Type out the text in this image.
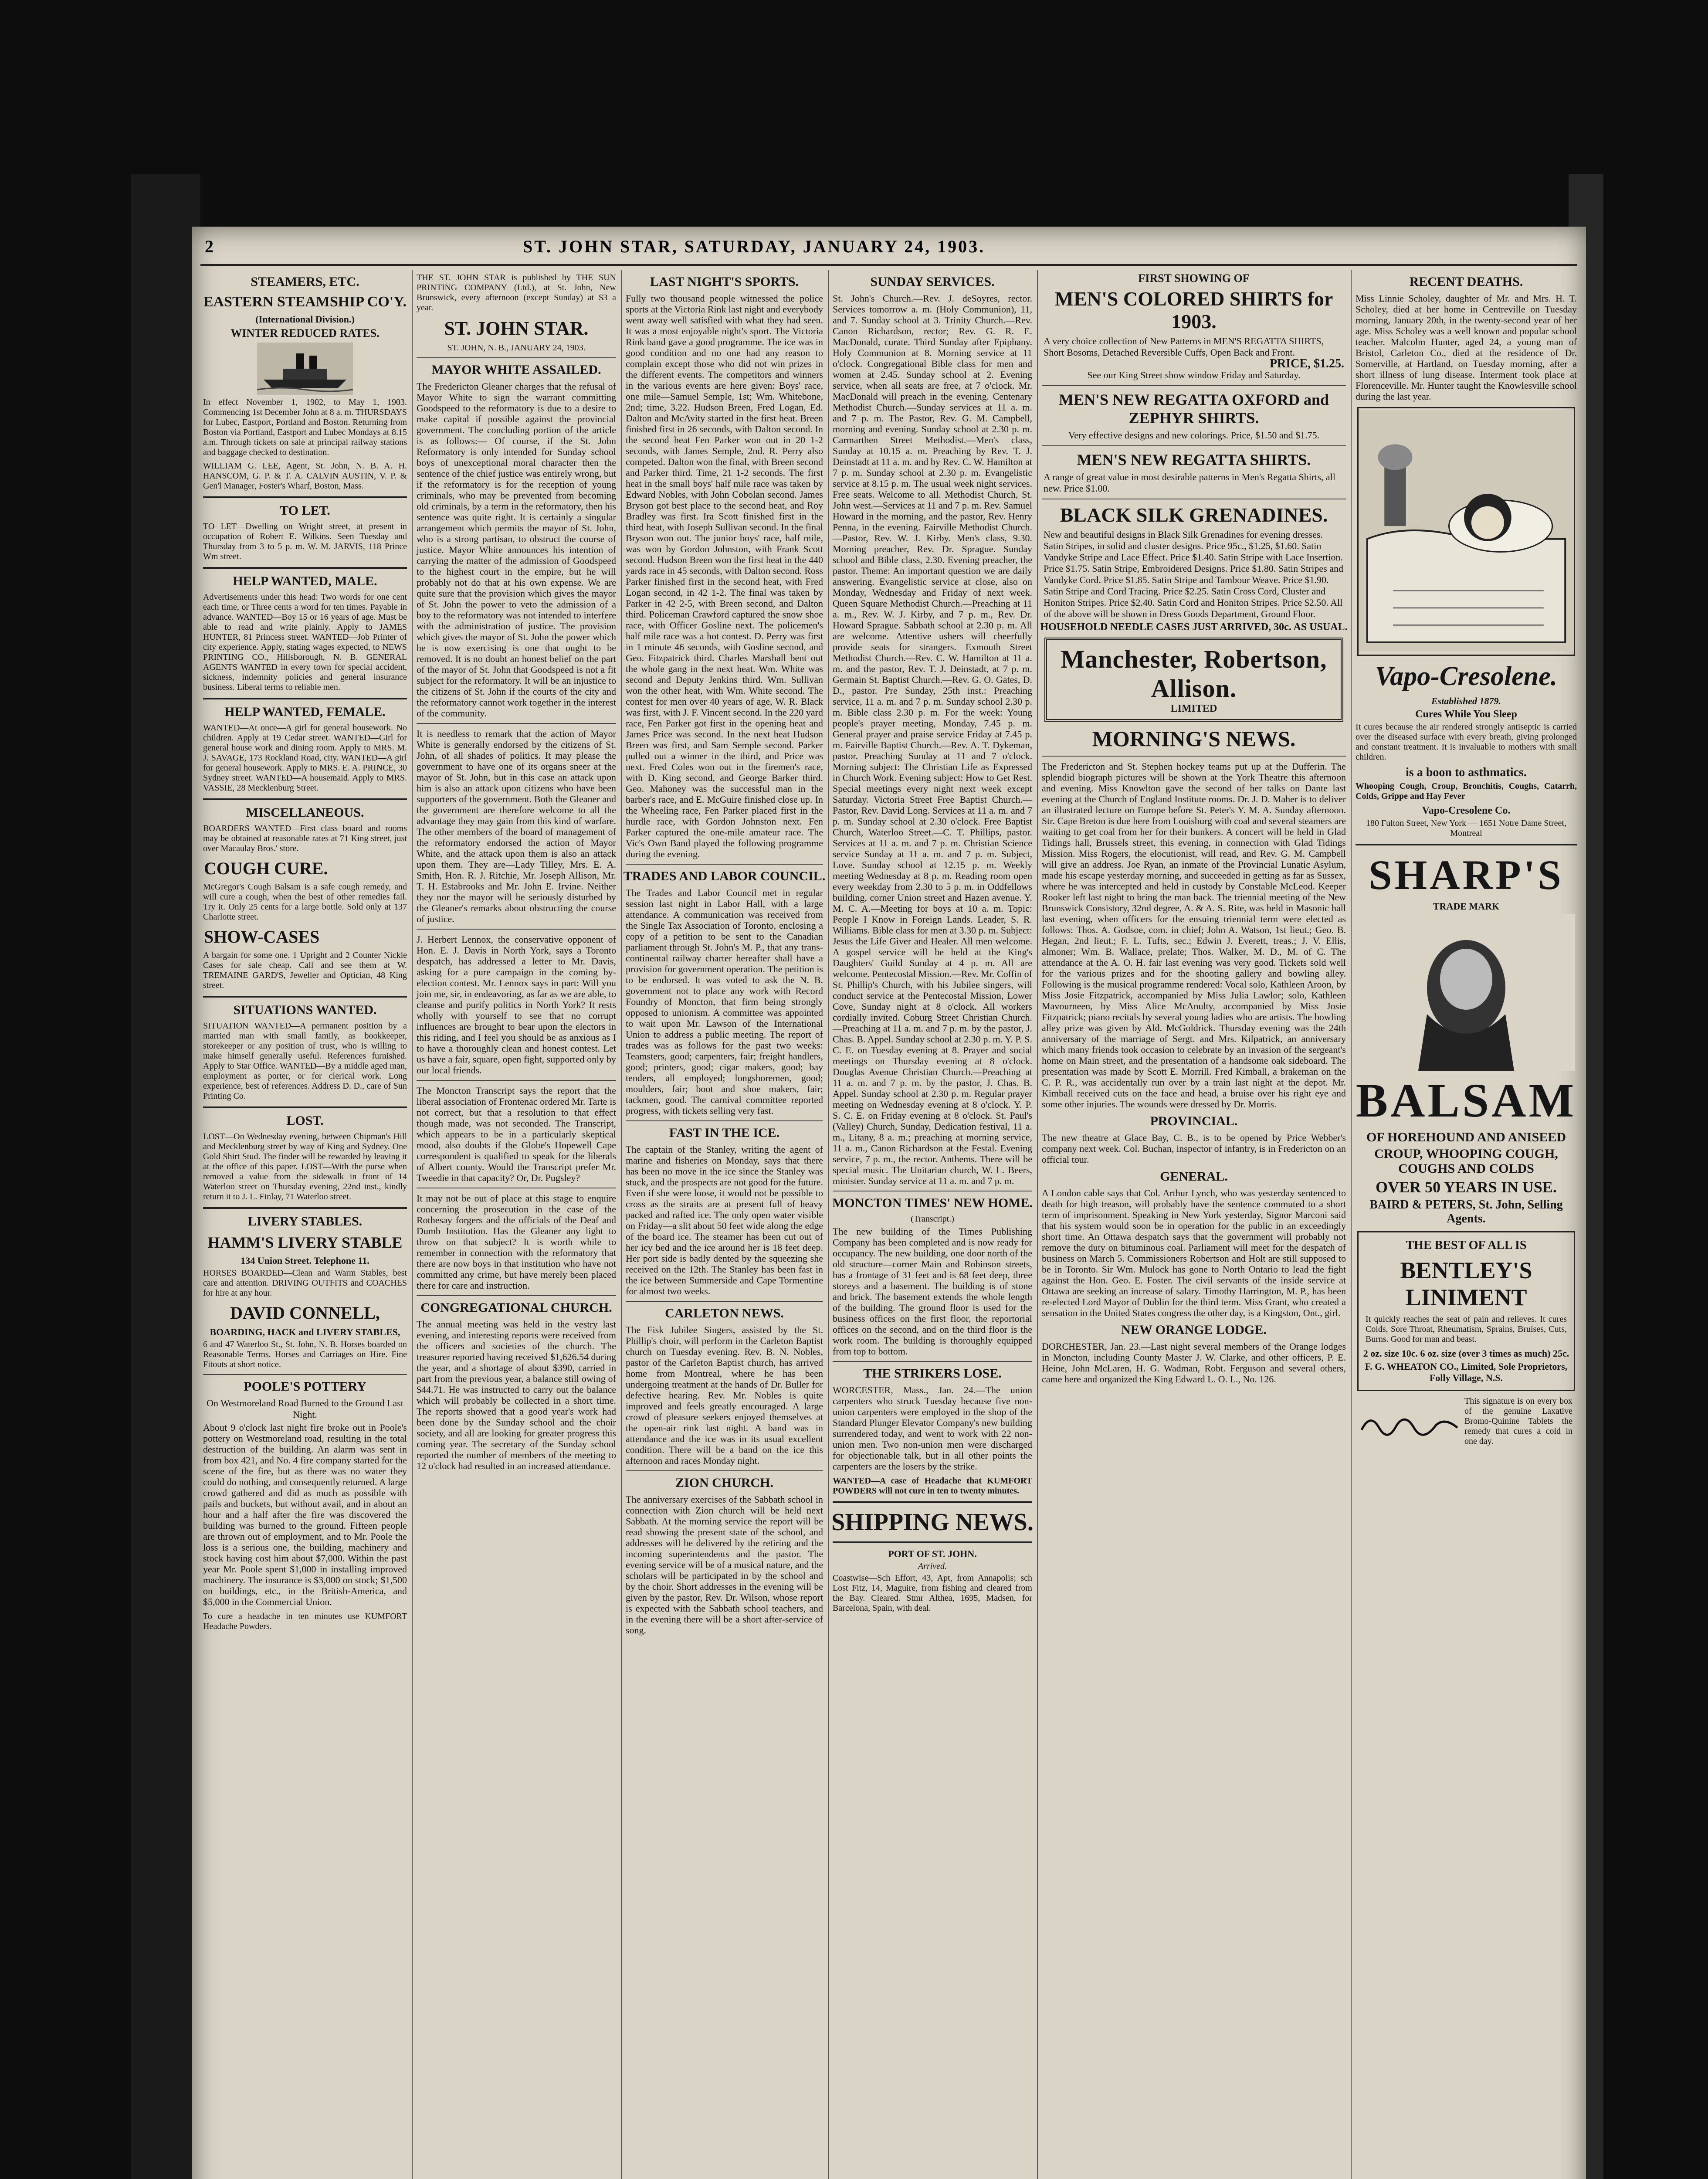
2	ST. JOHN STAR, SATURDAY, JANUARY 24, 1903.
STEAMERS, ETC.
EASTERN STEAMSHIP CO'Y.
(International Division.)
WINTER REDUCED RATES.
In effect November 1, 1902, to May 1, 1903. Commencing 1st December John at 8 a. m. THURSDAYS for Lubec, Eastport, Portland and Boston. Returning from Boston via Portland, Eastport and Lubec Mondays at 8.15 a.m. Through tickets on sale at principal railway stations and baggage checked to destination.
WILLIAM G. LEE, Agent, St. John, N. B. A. H. HANSCOM, G. P. & T. A. CALVIN AUSTIN, V. P. & Gen'l Manager, Foster's Wharf, Boston, Mass.
TO LET.
TO LET—Dwelling on Wright street, at present in occupation of Robert E. Wilkins. Seen Tuesday and Thursday from 3 to 5 p. m. W. M. JARVIS, 118 Prince Wm street.
HELP WANTED, MALE.
Advertisements under this head: Two words for one cent each time, or Three cents a word for ten times. Payable in advance. WANTED—Boy 15 or 16 years of age. Must be able to read and write plainly. Apply to JAMES HUNTER, 81 Princess street. WANTED—Job Printer of city experience. Apply, stating wages expected, to NEWS PRINTING CO., Hillsborough, N. B. GENERAL AGENTS WANTED in every town for special accident, sickness, indemnity policies and general insurance business. Liberal terms to reliable men.
HELP WANTED, FEMALE.
WANTED—At once—A girl for general housework. No children. Apply at 19 Cedar street. WANTED—Girl for general house work and dining room. Apply to MRS. M. J. SAVAGE, 173 Rockland Road, city. WANTED—A girl for general housework. Apply to MRS. E. A. PRINCE, 30 Sydney street. WANTED—A housemaid. Apply to MRS. VASSIE, 28 Mecklenburg Street.
MISCELLANEOUS.
BOARDERS WANTED—First class board and rooms may be obtained at reasonable rates at 71 King street, just over Macaulay Bros.' store.
COUGH CURE.
McGregor's Cough Balsam is a safe cough remedy, and will cure a cough, when the best of other remedies fail. Try it. Only 25 cents for a large bottle. Sold only at 137 Charlotte street.
SHOW-CASES
A bargain for some one. 1 Upright and 2 Counter Nickle Cases for sale cheap. Call and see them at W. TREMAINE GARD'S, Jeweller and Optician, 48 King street.
SITUATIONS WANTED.
SITUATION WANTED—A permanent position by a married man with small family, as bookkeeper, storekeeper or any position of trust, who is willing to make himself generally useful. References furnished. Apply to Star Office. WANTED—By a middle aged man, employment as porter, or for clerical work. Long experience, best of references. Address D. D., care of Sun Printing Co.
LOST.
LOST—On Wednesday evening, between Chipman's Hill and Mecklenburg street by way of King and Sydney. One Gold Shirt Stud. The finder will be rewarded by leaving it at the office of this paper. LOST—With the purse when removed a value from the sidewalk in front of 14 Waterloo street on Thursday evening, 22nd inst., kindly return it to J. L. Finlay, 71 Waterloo street.
LIVERY STABLES.
HAMM'S LIVERY STABLE
134 Union Street. Telephone 11.
HORSES BOARDED—Clean and Warm Stables, best care and attention. DRIVING OUTFITS and COACHES for hire at any hour.
DAVID CONNELL,
BOARDING, HACK and LIVERY STABLES,
6 and 47 Waterloo St., St. John, N. B. Horses boarded on Reasonable Terms. Horses and Carriages on Hire. Fine Fitouts at short notice.
POOLE'S POTTERY
On Westmoreland Road Burned to the Ground Last Night.
About 9 o'clock last night fire broke out in Poole's pottery on Westmoreland road, resulting in the total destruction of the building. An alarm was sent in from box 421, and No. 4 fire company started for the scene of the fire, but as there was no water they could do nothing, and consequently returned. A large crowd gathered and did as much as possible with pails and buckets, but without avail, and in about an hour and a half after the fire was discovered the building was burned to the ground. Fifteen people are thrown out of employment, and to Mr. Poole the loss is a serious one, the building, machinery and stock having cost him about $7,000. Within the past year Mr. Poole spent $1,000 in installing improved machinery. The insurance is $3,000 on stock; $1,500 on buildings, etc., in the British-America, and $5,000 in the Commercial Union.
To cure a headache in ten minutes use KUMFORT Headache Powders.
THE ST. JOHN STAR is published by THE SUN PRINTING COMPANY (Ltd.), at St. John, New Brunswick, every afternoon (except Sunday) at $3 a year.
ST. JOHN STAR.
ST. JOHN, N. B., JANUARY 24, 1903.
MAYOR WHITE ASSAILED.
The Fredericton Gleaner charges that the refusal of Mayor White to sign the warrant committing Goodspeed to the reformatory is due to a desire to make capital if possible against the provincial government. The concluding portion of the article is as follows:— Of course, if the St. John Reformatory is only intended for Sunday school boys of unexceptional moral character then the sentence of the chief justice was entirely wrong, but if the reformatory is for the reception of young criminals, who may be prevented from becoming old criminals, by a term in the reformatory, then his sentence was quite right. It is certainly a singular arrangement which permits the mayor of St. John, who is a strong partisan, to obstruct the course of justice. Mayor White announces his intention of carrying the matter of the admission of Goodspeed to the highest court in the empire, but he will probably not do that at his own expense. We are quite sure that the provision which gives the mayor of St. John the power to veto the admission of a boy to the reformatory was not intended to interfere with the administration of justice. The provision which gives the mayor of St. John the power which he is now exercising is one that ought to be removed. It is no doubt an honest belief on the part of the mayor of St. John that Goodspeed is not a fit subject for the reformatory. It will be an injustice to the citizens of St. John if the courts of the city and the reformatory cannot work together in the interest of the community.
It is needless to remark that the action of Mayor White is generally endorsed by the citizens of St. John, of all shades of politics. It may please the government to have one of its organs sneer at the mayor of St. John, but in this case an attack upon him is also an attack upon citizens who have been supporters of the government. Both the Gleaner and the government are therefore welcome to all the advantage they may gain from this kind of warfare. The other members of the board of management of the reformatory endorsed the action of Mayor White, and the attack upon them is also an attack upon them. They are—Lady Tilley, Mrs. E. A. Smith, Hon. R. J. Ritchie, Mr. Joseph Allison, Mr. T. H. Estabrooks and Mr. John E. Irvine. Neither they nor the mayor will be seriously disturbed by the Gleaner's remarks about obstructing the course of justice.
J. Herbert Lennox, the conservative opponent of Hon. E. J. Davis in North York, says a Toronto despatch, has addressed a letter to Mr. Davis, asking for a pure campaign in the coming by-election contest. Mr. Lennox says in part: Will you join me, sir, in endeavoring, as far as we are able, to cleanse and purify politics in North York? It rests wholly with yourself to see that no corrupt influences are brought to bear upon the electors in this riding, and I feel you should be as anxious as I to have a thoroughly clean and honest contest. Let us have a fair, square, open fight, supported only by our local friends.
The Moncton Transcript says the report that the liberal association of Frontenac ordered Mr. Tarte is not correct, but that a resolution to that effect though made, was not seconded. The Transcript, which appears to be in a particularly skeptical mood, also doubts if the Globe's Hopewell Cape correspondent is qualified to speak for the liberals of Albert county. Would the Transcript prefer Mr. Tweedie in that capacity? Or, Dr. Pugsley?
It may not be out of place at this stage to enquire concerning the prosecution in the case of the Rothesay forgers and the officials of the Deaf and Dumb Institution. Has the Gleaner any light to throw on that subject? It is worth while to remember in connection with the reformatory that there are now boys in that institution who have not committed any crime, but have merely been placed there for care and instruction.
CONGREGATIONAL CHURCH.
The annual meeting was held in the vestry last evening, and interesting reports were received from the officers and societies of the church. The treasurer reported having received $1,626.54 during the year, and a shortage of about $390, carried in part from the previous year, a balance still owing of $44.71. He was instructed to carry out the balance which will probably be collected in a short time. The reports showed that a good year's work had been done by the Sunday school and the choir society, and all are looking for greater progress this coming year. The secretary of the Sunday school reported the number of members of the meeting to 12 o'clock had resulted in an increased attendance.
LAST NIGHT'S SPORTS.
Fully two thousand people witnessed the police sports at the Victoria Rink last night and everybody went away well satisfied with what they had seen. It was a most enjoyable night's sport. The Victoria Rink band gave a good programme. The ice was in good condition and no one had any reason to complain except those who did not win prizes in the different events. The competitors and winners in the various events are here given: Boys' race, one mile—Samuel Semple, 1st; Wm. Whitebone, 2nd; time, 3.22. Hudson Breen, Fred Logan, Ed. Dalton and McAvity started in the first heat. Breen finished first in 26 seconds, with Dalton second. In the second heat Fen Parker won out in 20 1-2 seconds, with James Semple, 2nd. R. Perry also competed. Dalton won the final, with Breen second and Parker third. Time, 21 1-2 seconds. The first heat in the small boys' half mile race was taken by Edward Nobles, with John Cobolan second. James Bryson got best place to the second heat, and Roy Bradley was first. Ira Scott finished first in the third heat, with Joseph Sullivan second. In the final Bryson won out. The junior boys' race, half mile, was won by Gordon Johnston, with Frank Scott second. Hudson Breen won the first heat in the 440 yards race in 45 seconds, with Dalton second. Ross Parker finished first in the second heat, with Fred Logan second, in 42 1-2. The final was taken by Parker in 42 2-5, with Breen second, and Dalton third. Policeman Crawford captured the snow shoe race, with Officer Gosline next. The policemen's half mile race was a hot contest. D. Perry was first in 1 minute 46 seconds, with Gosline second, and Geo. Fitzpatrick third. Charles Marshall bent out the whole gang in the next heat. Wm. White was second and Deputy Jenkins third. Wm. Sullivan won the other heat, with Wm. White second. The contest for men over 40 years of age, W. R. Black was first, with J. F. Vincent second. In the 220 yard race, Fen Parker got first in the opening heat and James Price was second. In the next heat Hudson Breen was first, and Sam Semple second. Parker pulled out a winner in the third, and Price was next. Fred Coles won out in the firemen's race, with D. King second, and George Barker third. Geo. Mahoney was the successful man in the barber's race, and E. McGuire finished close up. In the Wheeling race, Fen Parker placed first in the hurdle race, with Gordon Johnston next. Fen Parker captured the one-mile amateur race. The Vic's Own Band played the following programme during the evening.
TRADES AND LABOR COUNCIL.
The Trades and Labor Council met in regular session last night in Labor Hall, with a large attendance. A communication was received from the Single Tax Association of Toronto, enclosing a copy of a petition to be sent to the Canadian parliament through St. John's M. P., that any trans-continental railway charter hereafter shall have a provision for government operation. The petition is to be endorsed. It was voted to ask the N. B. government not to place any work with Record Foundry of Moncton, that firm being strongly opposed to unionism. A committee was appointed to wait upon Mr. Lawson of the International Union to address a public meeting. The report of trades was as follows for the past two weeks: Teamsters, good; carpenters, fair; freight handlers, good; printers, good; cigar makers, good; bay tenders, all employed; longshoremen, good; moulders, fair; boot and shoe makers, fair; tackmen, good. The carnival committee reported progress, with tickets selling very fast.
FAST IN THE ICE.
The captain of the Stanley, writing the agent of marine and fisheries on Monday, says that there has been no move in the ice since the Stanley was stuck, and the prospects are not good for the future. Even if she were loose, it would not be possible to cross as the straits are at present full of heavy packed and rafted ice. The only open water visible on Friday—a slit about 50 feet wide along the edge of the board ice. The steamer has been cut out of her icy bed and the ice around her is 18 feet deep. Her port side is badly dented by the squeezing she received on the 12th. The Stanley has been fast in the ice between Summerside and Cape Tormentine for almost two weeks.
CARLETON NEWS.
The Fisk Jubilee Singers, assisted by the St. Phillip's choir, will perform in the Carleton Baptist church on Tuesday evening. Rev. B. N. Nobles, pastor of the Carleton Baptist church, has arrived home from Montreal, where he has been undergoing treatment at the hands of Dr. Buller for defective hearing. Rev. Mr. Nobles is quite improved and feels greatly encouraged. A large crowd of pleasure seekers enjoyed themselves at the open-air rink last night. A band was in attendance and the ice was in its usual excellent condition. There will be a band on the ice this afternoon and races Monday night.
ZION CHURCH.
The anniversary exercises of the Sabbath school in connection with Zion church will be held next Sabbath. At the morning service the report will be read showing the present state of the school, and addresses will be delivered by the retiring and the incoming superintendents and the pastor. The evening service will be of a musical nature, and the scholars will be participated in by the school and by the choir. Short addresses in the evening will be given by the pastor, Rev. Dr. Wilson, whose report is expected with the Sabbath school teachers, and in the evening there will be a short after-service of song.
SUNDAY SERVICES.
St. John's Church.—Rev. J. deSoyres, rector. Services tomorrow a. m. (Holy Communion), 11, and 7. Sunday school at 3. Trinity Church.—Rev. Canon Richardson, rector; Rev. G. R. E. MacDonald, curate. Third Sunday after Epiphany. Holy Communion at 8. Morning service at 11 o'clock. Congregational Bible class for men and women at 2.45. Sunday school at 2. Evening service, when all seats are free, at 7 o'clock. Mr. MacDonald will preach in the evening. Centenary Methodist Church.—Sunday services at 11 a. m. and 7 p. m. The Pastor, Rev. G. M. Campbell, morning and evening. Sunday school at 2.30 p. m. Carmarthen Street Methodist.—Men's class, Sunday at 10.15 a. m. Preaching by Rev. T. J. Deinstadt at 11 a. m. and by Rev. C. W. Hamilton at 7 p. m. Sunday school at 2.30 p. m. Evangelistic service at 8.15 p. m. The usual week night services. Free seats. Welcome to all. Methodist Church, St. John west.—Services at 11 and 7 p. m. Rev. Samuel Howard in the morning, and the pastor, Rev. Henry Penna, in the evening. Fairville Methodist Church.—Pastor, Rev. W. J. Kirby. Men's class, 9.30. Morning preacher, Rev. Dr. Sprague. Sunday school and Bible class, 2.30. Evening preacher, the pastor. Theme: An important question we are daily answering. Evangelistic service at close, also on Monday, Wednesday and Friday of next week. Queen Square Methodist Church.—Preaching at 11 a. m., Rev. W. J. Kirby, and 7 p. m., Rev. Dr. Howard Sprague. Sabbath school at 2.30 p. m. All are welcome. Attentive ushers will cheerfully provide seats for strangers. Exmouth Street Methodist Church.—Rev. C. W. Hamilton at 11 a. m. and the pastor, Rev. T. J. Deinstadt, at 7 p. m. Germain St. Baptist Church.—Rev. G. O. Gates, D. D., pastor. Pre Sunday, 25th inst.: Preaching service, 11 a. m. and 7 p. m. Sunday school 2.30 p. m. Bible class 2.30 p. m. For the week: Young people's prayer meeting, Monday, 7.45 p. m. General prayer and praise service Friday at 7.45 p. m. Fairville Baptist Church.—Rev. A. T. Dykeman, pastor. Preaching Sunday at 11 and 7 o'clock. Morning subject: The Christian Life as Expressed in Church Work. Evening subject: How to Get Rest. Special meetings every night next week except Saturday. Victoria Street Free Baptist Church.—Pastor, Rev. David Long. Services at 11 a. m. and 7 p. m. Sunday school at 2.30 o'clock. Free Baptist Church, Waterloo Street.—C. T. Phillips, pastor. Services at 11 a. m. and 7 p. m. Christian Science service Sunday at 11 a. m. and 7 p. m. Subject, Love. Sunday school at 12.15 p. m. Weekly meeting Wednesday at 8 p. m. Reading room open every weekday from 2.30 to 5 p. m. in Oddfellows building, corner Union street and Hazen avenue. Y. M. C. A.—Meeting for boys at 10 a. m. Topic: People I Know in Foreign Lands. Leader, S. R. Williams. Bible class for men at 3.30 p. m. Subject: Jesus the Life Giver and Healer. All men welcome. A gospel service will be held at the King's Daughters' Guild Sunday at 4 p. m. All are welcome. Pentecostal Mission.—Rev. Mr. Coffin of St. Phillip's Church, with his Jubilee singers, will conduct service at the Pentecostal Mission, Lower Cove, Sunday night at 8 o'clock. All workers cordially invited. Coburg Street Christian Church.—Preaching at 11 a. m. and 7 p. m. by the pastor, J. Chas. B. Appel. Sunday school at 2.30 p. m. Y. P. S. C. E. on Tuesday evening at 8. Prayer and social meetings on Thursday evening at 8 o'clock. Douglas Avenue Christian Church.—Preaching at 11 a. m. and 7 p. m. by the pastor, J. Chas. B. Appel. Sunday school at 2.30 p. m. Regular prayer meeting on Wednesday evening at 8 o'clock. Y. P. S. C. E. on Friday evening at 8 o'clock. St. Paul's (Valley) Church, Sunday, Dedication festival, 11 a. m., Litany, 8 a. m.; preaching at morning service, 11 a. m., Canon Richardson at the Festal. Evening service, 7 p. m., the rector. Anthems. There will be special music. The Unitarian church, W. L. Beers, minister. Sunday service at 11 a. m. and 7 p. m.
MONCTON TIMES' NEW HOME.
(Transcript.)
The new building of the Times Publishing Company has been completed and is now ready for occupancy. The new building, one door north of the old structure—corner Main and Robinson streets, has a frontage of 31 feet and is 68 feet deep, three storeys and a basement. The building is of stone and brick. The basement extends the whole length of the building. The ground floor is used for the business offices on the first floor, the reportorial offices on the second, and on the third floor is the work room. The building is thoroughly equipped from top to bottom.
THE STRIKERS LOSE.
WORCESTER, Mass., Jan. 24.—The union carpenters who struck Tuesday because five non-union carpenters were employed in the shop of the Standard Plunger Elevator Company's new building surrendered today, and went to work with 22 non-union men. Two non-union men were discharged for objectionable talk, but in all other points the carpenters are the losers by the strike.
WANTED—A case of Headache that KUMFORT POWDERS will not cure in ten to twenty minutes.
SHIPPING NEWS.
PORT OF ST. JOHN.
Arrived.
Coastwise—Sch Effort, 43, Apt, from Annapolis; sch Lost Fitz, 14, Maguire, from fishing and cleared from the Bay. Cleared. Stmr Althea, 1695, Madsen, for Barcelona, Spain, with deal.
FIRST SHOWING OF
MEN'S COLORED SHIRTS for 1903.
A very choice collection of New Patterns in MEN'S REGATTA SHIRTS, Short Bosoms, Detached Reversible Cuffs, Open Back and Front.
PRICE, $1.25.
See our King Street show window Friday and Saturday.
MEN'S NEW REGATTA OXFORD and ZEPHYR SHIRTS.
Very effective designs and new colorings. Price, $1.50 and $1.75.
MEN'S NEW REGATTA SHIRTS.
A range of great value in most desirable patterns in Men's Regatta Shirts, all new. Price $1.00.
BLACK SILK GRENADINES.
New and beautiful designs in Black Silk Grenadines for evening dresses. Satin Stripes, in solid and cluster designs. Price 95c., $1.25, $1.60. Satin Vandyke Stripe and Lace Effect. Price $1.40. Satin Stripe with Lace Insertion. Price $1.75. Satin Stripe, Embroidered Designs. Price $1.80. Satin Stripes and Vandyke Cord. Price $1.85. Satin Stripe and Tambour Weave. Price $1.90. Satin Stripe and Cord Tracing. Price $2.25. Satin Cross Cord, Cluster and Honiton Stripes. Price $2.40. Satin Cord and Honiton Stripes. Price $2.50. All of the above will be shown in Dress Goods Department, Ground Floor.
HOUSEHOLD NEEDLE CASES JUST ARRIVED, 30c. AS USUAL.
Manchester, Robertson, Allison.
LIMITED
MORNING'S NEWS.
The Fredericton and St. Stephen hockey teams put up at the Dufferin. The splendid biograph pictures will be shown at the York Theatre this afternoon and evening. Miss Knowlton gave the second of her talks on Dante last evening at the Church of England Institute rooms. Dr. J. D. Maher is to deliver an illustrated lecture on Europe before St. Peter's Y. M. A. Sunday afternoon. Str. Cape Breton is due here from Louisburg with coal and several steamers are waiting to get coal from her for their bunkers. A concert will be held in Glad Tidings hall, Brussels street, this evening, in connection with Glad Tidings Mission. Miss Rogers, the elocutionist, will read, and Rev. G. M. Campbell will give an address. Joe Ryan, an inmate of the Provincial Lunatic Asylum, made his escape yesterday morning, and succeeded in getting as far as Sussex, where he was intercepted and held in custody by Constable McLeod. Keeper Rooker left last night to bring the man back. The triennial meeting of the New Brunswick Consistory, 32nd degree, A. & A. S. Rite, was held in Masonic hall last evening, when officers for the ensuing triennial term were elected as follows: Thos. A. Godsoe, com. in chief; John A. Watson, 1st lieut.; Geo. B. Hegan, 2nd lieut.; F. L. Tufts, sec.; Edwin J. Everett, treas.; J. V. Ellis, almoner; Wm. B. Wallace, prelate; Thos. Walker, M. D., M. of C. The attendance at the A. O. H. fair last evening was very good. Tickets sold well for the various prizes and for the shooting gallery and bowling alley. Following is the musical programme rendered: Vocal solo, Kathleen Aroon, by Miss Josie Fitzpatrick, accompanied by Miss Julia Lawlor; solo, Kathleen Mavourneen, by Miss Alice McAnulty, accompanied by Miss Josie Fitzpatrick; piano recitals by several young ladies who are artists. The bowling alley prize was given by Ald. McGoldrick. Thursday evening was the 24th anniversary of the marriage of Sergt. and Mrs. Kilpatrick, an anniversary which many friends took occasion to celebrate by an invasion of the sergeant's home on Main street, and the presentation of a handsome oak sideboard. The presentation was made by Scott E. Morrill. Fred Kimball, a brakeman on the C. P. R., was accidentally run over by a train last night at the depot. Mr. Kimball received cuts on the face and head, a bruise over his right eye and some other injuries. The wounds were dressed by Dr. Morris.
PROVINCIAL.
The new theatre at Glace Bay, C. B., is to be opened by Price Webber's company next week. Col. Buchan, inspector of infantry, is in Fredericton on an official tour.
GENERAL.
A London cable says that Col. Arthur Lynch, who was yesterday sentenced to death for high treason, will probably have the sentence commuted to a short term of imprisonment. Speaking in New York yesterday, Signor Marconi said that his system would soon be in operation for the public in an exceedingly short time. An Ottawa despatch says that the government will probably not remove the duty on bituminous coal. Parliament will meet for the despatch of business on March 5. Commissioners Robertson and Holt are still supposed to be in Toronto. Sir Wm. Mulock has gone to North Ontario to lead the fight against the Hon. Geo. E. Foster. The civil servants of the inside service at Ottawa are seeking an increase of salary. Timothy Harrington, M. P., has been re-elected Lord Mayor of Dublin for the third term. Miss Grant, who created a sensation in the United States congress the other day, is a Kingston, Ont., girl.
NEW ORANGE LODGE.
DORCHESTER, Jan. 23.—Last night several members of the Orange lodges in Moncton, including County Master J. W. Clarke, and other officers, P. E. Heine, John McLaren, H. G. Wadman, Robt. Ferguson and several others, came here and organized the King Edward L. O. L., No. 126.
RECENT DEATHS.
Miss Linnie Scholey, daughter of Mr. and Mrs. H. T. Scholey, died at her home in Centreville on Tuesday morning, January 20th, in the twenty-second year of her age. Miss Scholey was a well known and popular school teacher. Malcolm Hunter, aged 24, a young man of Bristol, Carleton Co., died at the residence of Dr. Somerville, at Hartland, on Tuesday morning, after a short illness of lung disease. Interment took place at Florenceville. Mr. Hunter taught the Knowlesville school during the last year.
Vapo-Cresolene.
Established 1879.
Cures While You Sleep
It cures because the air rendered strongly antiseptic is carried over the diseased surface with every breath, giving prolonged and constant treatment. It is invaluable to mothers with small children.
is a boon to asthmatics.
Whooping Cough, Croup, Bronchitis, Coughs, Catarrh, Colds, Grippe and Hay Fever
Vapo-Cresolene Co.
180 Fulton Street, New York — 1651 Notre Dame Street, Montreal
SHARP'S
TRADE MARK
BALSAM
OF HOREHOUND AND ANISEED
CROUP, WHOOPING COUGH, COUGHS AND COLDS
OVER 50 YEARS IN USE.
BAIRD & PETERS, St. John, Selling Agents.
THE BEST OF ALL IS
BENTLEY'S LINIMENT
It quickly reaches the seat of pain and relieves. It cures Colds, Sore Throat, Rheumatism, Sprains, Bruises, Cuts, Burns. Good for man and beast.
2 oz. size 10c. 6 oz. size (over 3 times as much) 25c.
F. G. WHEATON CO., Limited, Sole Proprietors, Folly Village, N.S.
This signature is on every box of the genuine Laxative Bromo-Quinine Tablets the remedy that cures a cold in one day.
